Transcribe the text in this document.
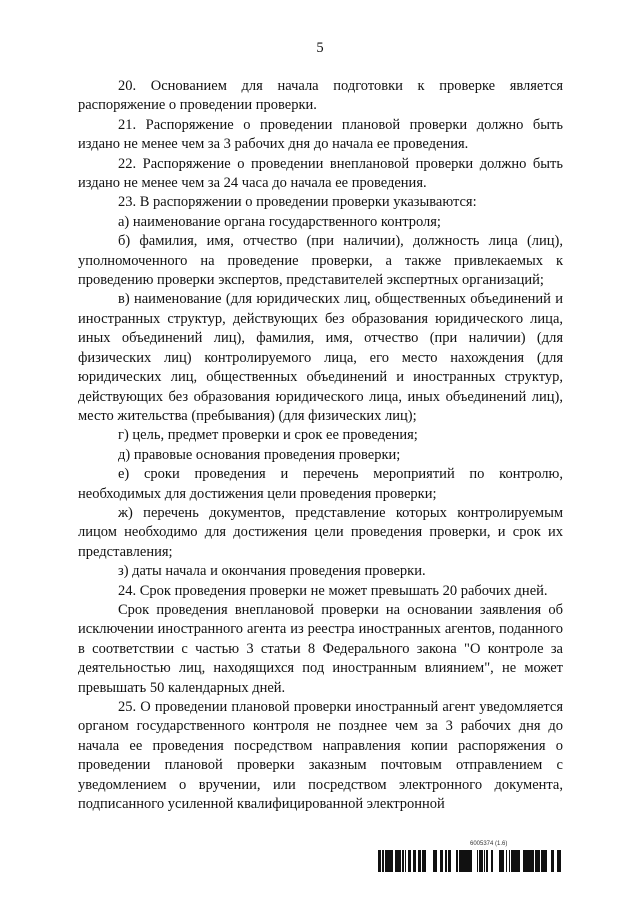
5

20. Основанием для начала подготовки к проверке является распоряжение о проведении проверки.

21. Распоряжение о проведении плановой проверки должно быть издано не менее чем за 3 рабочих дня до начала ее проведения.

22. Распоряжение о проведении внеплановой проверки должно быть издано не менее чем за 24 часа до начала ее проведения.

23. В распоряжении о проведении проверки указываются:

а) наименование органа государственного контроля;

б) фамилия, имя, отчество (при наличии), должность лица (лиц), уполномоченного на проведение проверки, а также привлекаемых к проведению проверки экспертов, представителей экспертных организаций;

в) наименование (для юридических лиц, общественных объединений и иностранных структур, действующих без образования юридического лица, иных объединений лиц), фамилия, имя, отчество (при наличии) (для физических лиц) контролируемого лица, его место нахождения (для юридических лиц, общественных объединений и иностранных структур, действующих без образования юридического лица, иных объединений лиц), место жительства (пребывания) (для физических лиц);

г) цель, предмет проверки и срок ее проведения;

д) правовые основания проведения проверки;

е) сроки проведения и перечень мероприятий по контролю, необходимых для достижения цели проведения проверки;

ж) перечень документов, представление которых контролируемым лицом необходимо для достижения цели проведения проверки, и срок их представления;

з) даты начала и окончания проведения проверки.

24. Срок проведения проверки не может превышать 20 рабочих дней.

Срок проведения внеплановой проверки на основании заявления об исключении иностранного агента из реестра иностранных агентов, поданного в соответствии с частью 3 статьи 8 Федерального закона "О контроле за деятельностью лиц, находящихся под иностранным влиянием", не может превышать 50 календарных дней.

25. О проведении плановой проверки иностранный агент уведомляется органом государственного контроля не позднее чем за 3 рабочих дня до начала ее проведения посредством направления копии распоряжения о проведении плановой проверки заказным почтовым отправлением с уведомлением о вручении, или посредством электронного документа, подписанного усиленной квалифицированной электронной

6005374 (1.6)
